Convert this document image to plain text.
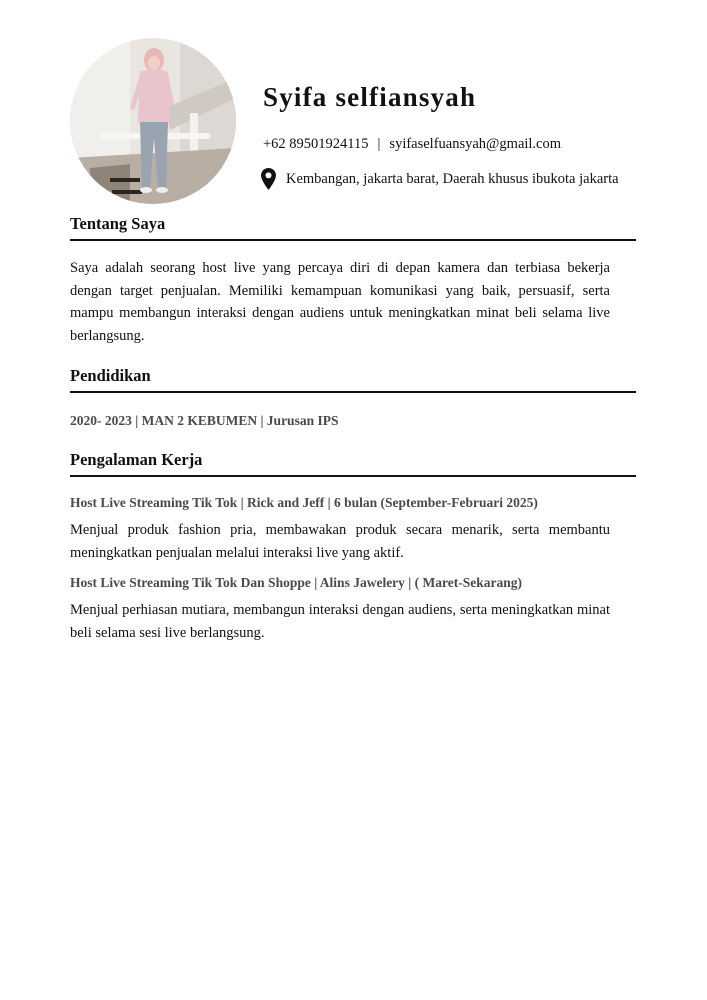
Syifa selfiansyah
+62 89501924115 | syifaselfuansyah@gmail.com
Kembangan, jakarta barat, Daerah khusus ibukota jakarta
Tentang Saya

Saya adalah seorang host live yang percaya diri di depan kamera dan terbiasa bekerja dengan target penjualan. Memiliki kemampuan komunikasi yang baik, persuasif, serta mampu membangun interaksi dengan audiens untuk meningkatkan minat beli selama live berlangsung.

Pendidikan

2020- 2023 | MAN 2 KEBUMEN | Jurusan IPS

Pengalaman Kerja

Host Live Streaming Tik Tok | Rick and Jeff | 6 bulan (September-Februari 2025)

Menjual produk fashion pria, membawakan produk secara menarik, serta membantu meningkatkan penjualan melalui interaksi live yang aktif.

Host Live Streaming Tik Tok Dan Shoppe | Alins Jawelery | ( Maret-Sekarang)

Menjual perhiasan mutiara, membangun interaksi dengan audiens, serta meningkatkan minat beli selama sesi live berlangsung.
